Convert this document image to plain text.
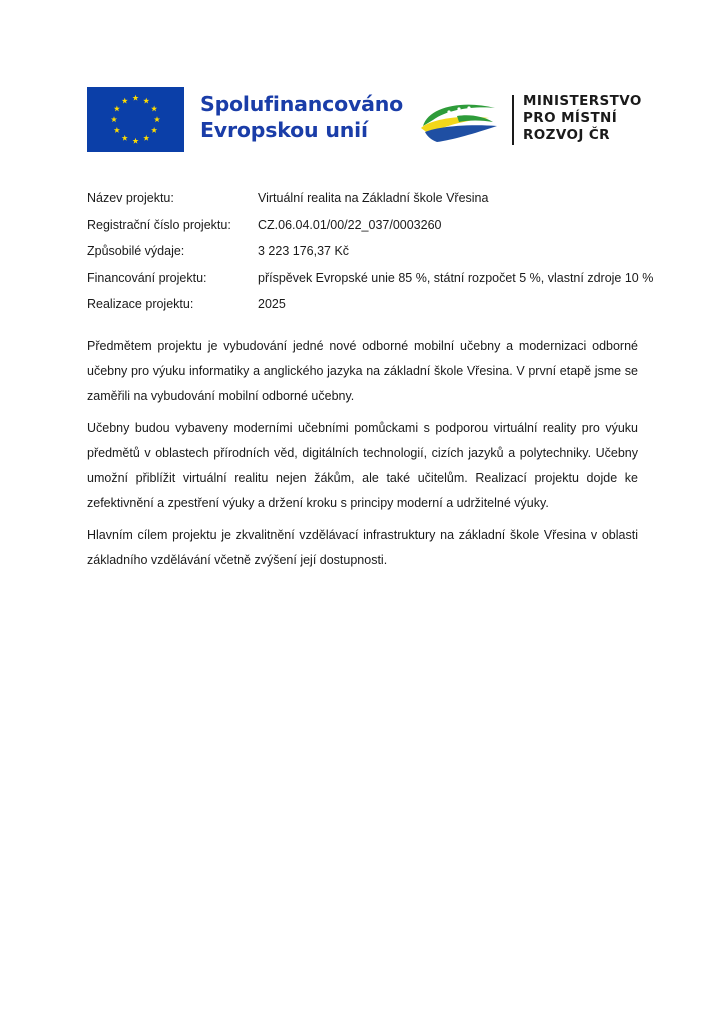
Spolufinancováno
Evropskou unií
MINISTERSTVO
PRO MÍSTNÍ
ROZVOJ ČR
Název projektu:	Virtuální realita na Základní škole Vřesina
Registrační číslo projektu: CZ.06.04.01/00/22_037/0003260
Způsobilé výdaje:	3 223 176,37 Kč
Financování projektu:	příspěvek Evropské unie 85 %, státní rozpočet 5 %, vlastní zdroje 10 %
Realizace projektu:	2025

Předmětem projektu je vybudování jedné nové odborné mobilní učebny a modernizaci odborné učebny pro výuku informatiky a anglického jazyka na základní škole Vřesina. V první etapě jsme se zaměřili na vybudování mobilní odborné učebny.

Učebny budou vybaveny moderními učebními pomůckami s podporou virtuální reality pro výuku předmětů v oblastech přírodních věd, digitálních technologií, cizích jazyků a polytechniky. Učebny umožní přiblížit virtuální realitu nejen žákům, ale také učitelům. Realizací projektu dojde ke zefektivnění a zpestření výuky a držení kroku s principy moderní a udržitelné výuky.

Hlavním cílem projektu je zkvalitnění vzdělávací infrastruktury na základní škole Vřesina v oblasti základního vzdělávání včetně zvýšení její dostupnosti.
